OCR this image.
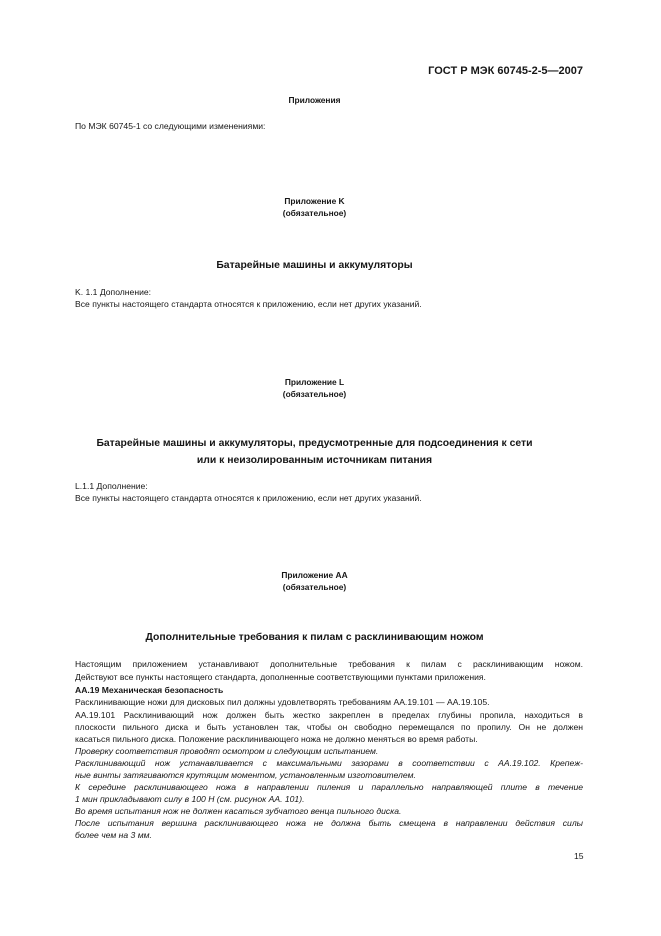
ГОСТ Р МЭК 60745-2-5—2007
Приложения
По МЭК 60745-1 со следующими изменениями:
Приложение K
(обязательное)
Батарейные машины и аккумуляторы
K. 1.1 Дополнение:
Все пункты настоящего стандарта относятся к приложению, если нет других указаний.
Приложение L
(обязательное)
Батарейные машины и аккумуляторы, предусмотренные для подсоединения к сети
или к неизолированным источникам питания
L.1.1 Дополнение:
Все пункты настоящего стандарта относятся к приложению, если нет других указаний.
Приложение АА
(обязательное)
Дополнительные требования к пилам с расклинивающим ножом
Настоящим приложением устанавливают дополнительные требования к пилам с расклинивающим ножом.
Действуют все пункты настоящего стандарта, дополненные соответствующими пунктами приложения.
АА.19 Механическая безопасность
Расклинивающие ножи для дисковых пил должны удовлетворять требованиям АА.19.101 — АА.19.105.
АА.19.101 Расклинивающий нож должен быть жестко закреплен в пределах глубины пропила, находиться в
плоскости пильного диска и быть установлен так, чтобы он свободно перемещался по пропилу. Он не должен
касаться пильного диска. Положение расклинивающего ножа не должно меняться во время работы.
Проверку соответствия проводят осмотром и следующим испытанием.
Расклинивающий нож устанавливается с максимальными зазорами в соответствии с АА.19.102. Крепеж-
ные винты затягиваются крутящим моментом, установленным изготовителем.
К середине расклинивающего ножа в направлении пиления и параллельно направляющей плите в течение
1 мин прикладывают силу в 100 Н (см. рисунок АА. 101).
Во время испытания нож не должен касаться зубчатого венца пильного диска.
После испытания вершина расклинивающего ножа не должна быть смещена в направлении действия силы
более чем на 3 мм.
15
